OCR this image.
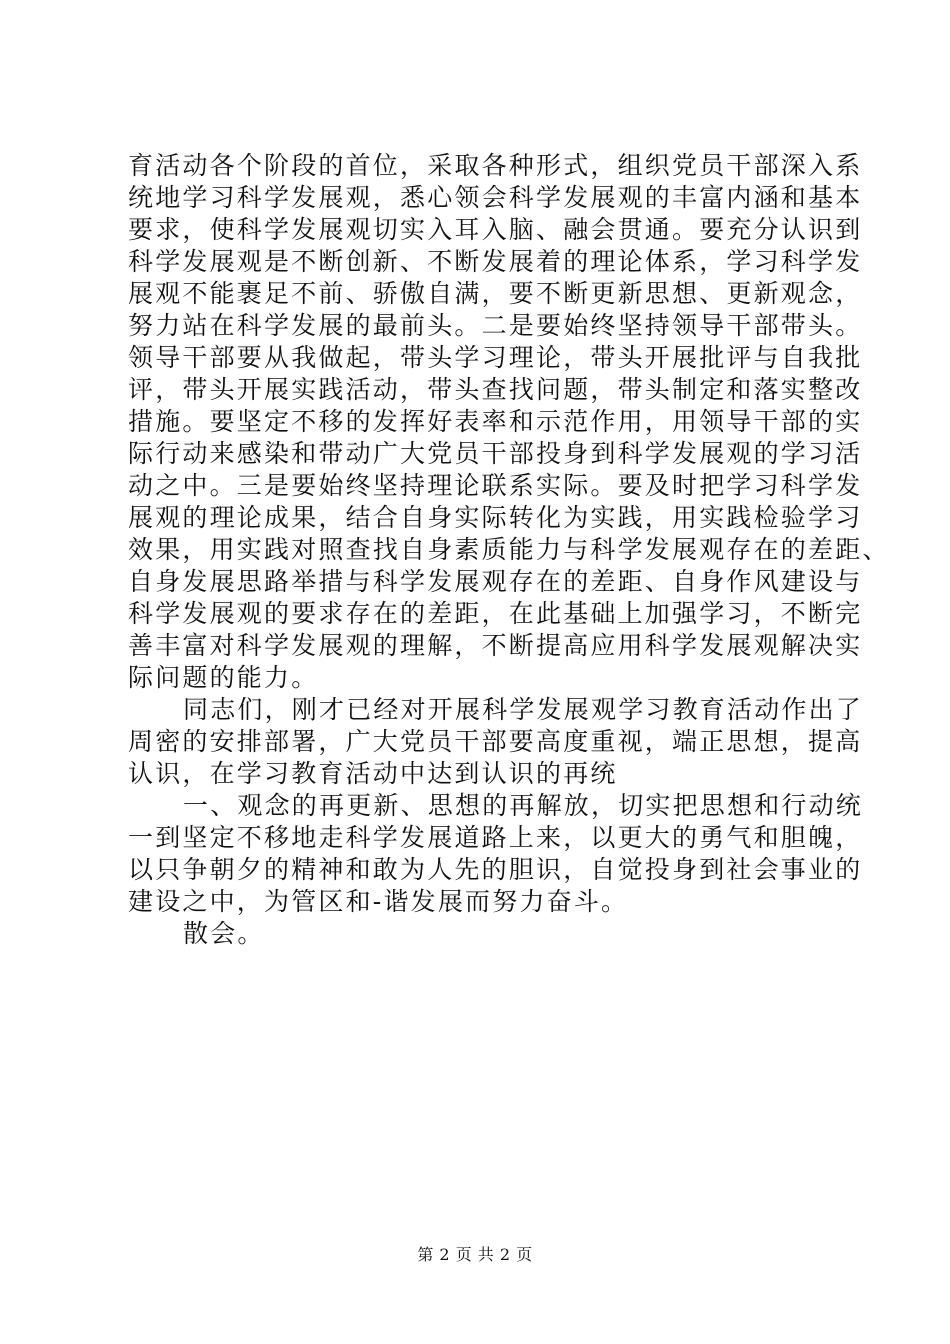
育活动各个阶段的首位，采取各种形式，组织党员干部深入系
统地学习科学发展观，悉心领会科学发展观的丰富内涵和基本
要求，使科学发展观切实入耳入脑、融会贯通。要充分认识到
科学发展观是不断创新、不断发展着的理论体系，学习科学发
展观不能裹足不前、骄傲自满，要不断更新思想、更新观念，
努力站在科学发展的最前头。二是要始终坚持领导干部带头。
领导干部要从我做起，带头学习理论，带头开展批评与自我批
评，带头开展实践活动，带头查找问题，带头制定和落实整改
措施。要坚定不移的发挥好表率和示范作用，用领导干部的实
际行动来感染和带动广大党员干部投身到科学发展观的学习活
动之中。三是要始终坚持理论联系实际。要及时把学习科学发
展观的理论成果，结合自身实际转化为实践，用实践检验学习
效果，用实践对照查找自身素质能力与科学发展观存在的差距、
自身发展思路举措与科学发展观存在的差距、自身作风建设与
科学发展观的要求存在的差距，在此基础上加强学习，不断完
善丰富对科学发展观的理解，不断提高应用科学发展观解决实
际问题的能力。
同志们，刚才已经对开展科学发展观学习教育活动作出了
周密的安排部署，广大党员干部要高度重视，端正思想，提高
认识，在学习教育活动中达到认识的再统
一、观念的再更新、思想的再解放，切实把思想和行动统
一到坚定不移地走科学发展道路上来，以更大的勇气和胆魄，
以只争朝夕的精神和敢为人先的胆识，自觉投身到社会事业的
建设之中，为管区和-谐发展而努力奋斗。
散会。
第 2 页 共 2 页
